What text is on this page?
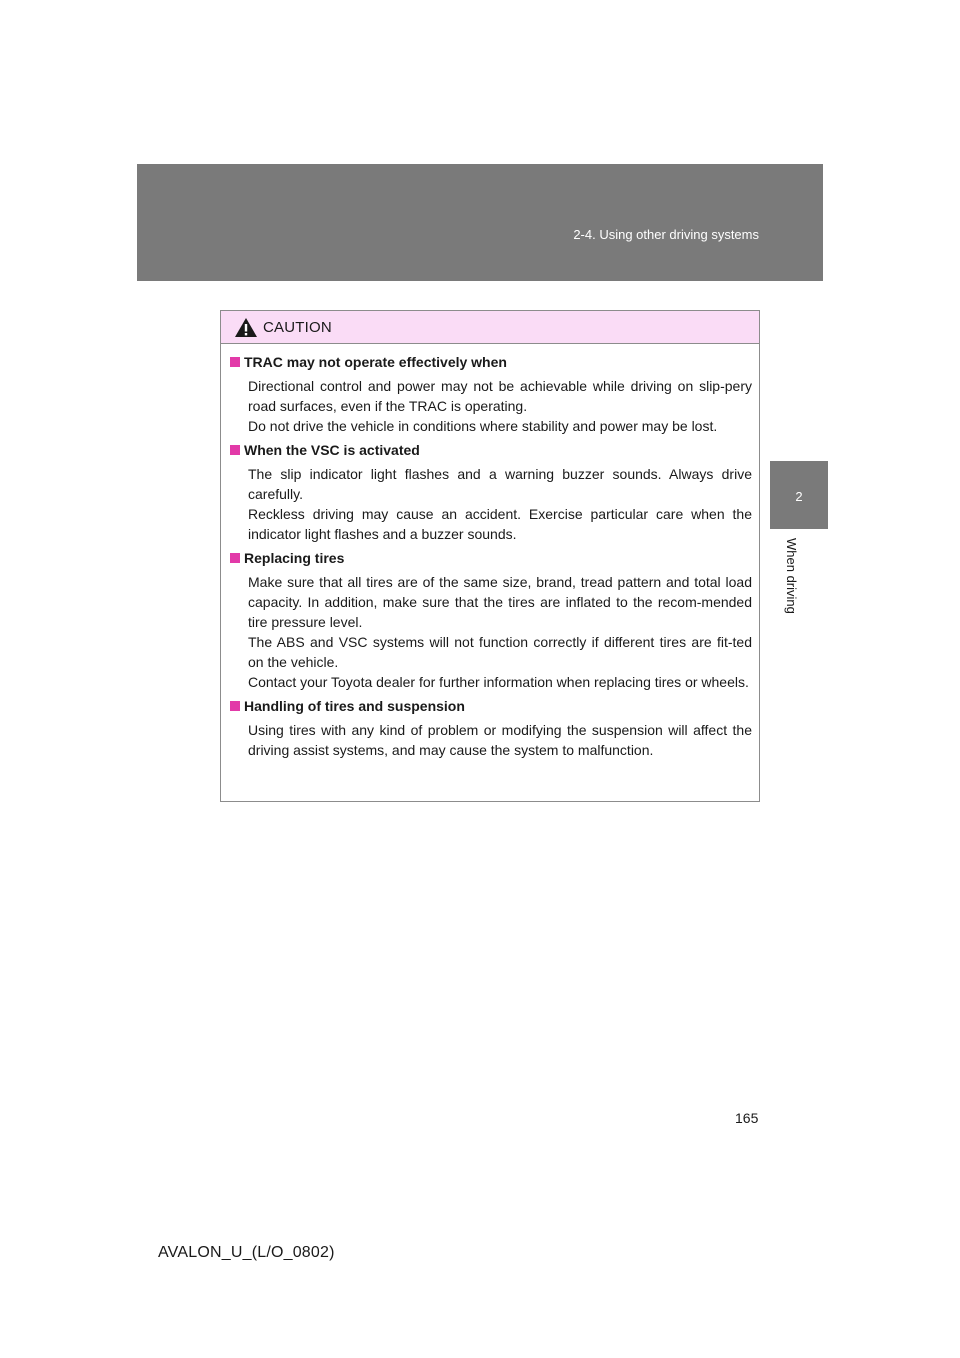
2-4. Using other driving systems
2
When driving
CAUTION
TRAC may not operate effectively when

Directional control and power may not be achievable while driving on slip-pery road surfaces, even if the TRAC is operating.

Do not drive the vehicle in conditions where stability and power may be lost.

When the VSC is activated

The slip indicator light flashes and a warning buzzer sounds. Always drive carefully.

Reckless driving may cause an accident. Exercise particular care when the indicator light flashes and a buzzer sounds.

Replacing tires

Make sure that all tires are of the same size, brand, tread pattern and total load capacity. In addition, make sure that the tires are inflated to the recom-mended tire pressure level.

The ABS and VSC systems will not function correctly if different tires are fit-ted on the vehicle.

Contact your Toyota dealer for further information when replacing tires or wheels.

Handling of tires and suspension

Using tires with any kind of problem or modifying the suspension will affect the driving assist systems, and may cause the system to malfunction.

165
AVALON_U_(L/O_0802)
